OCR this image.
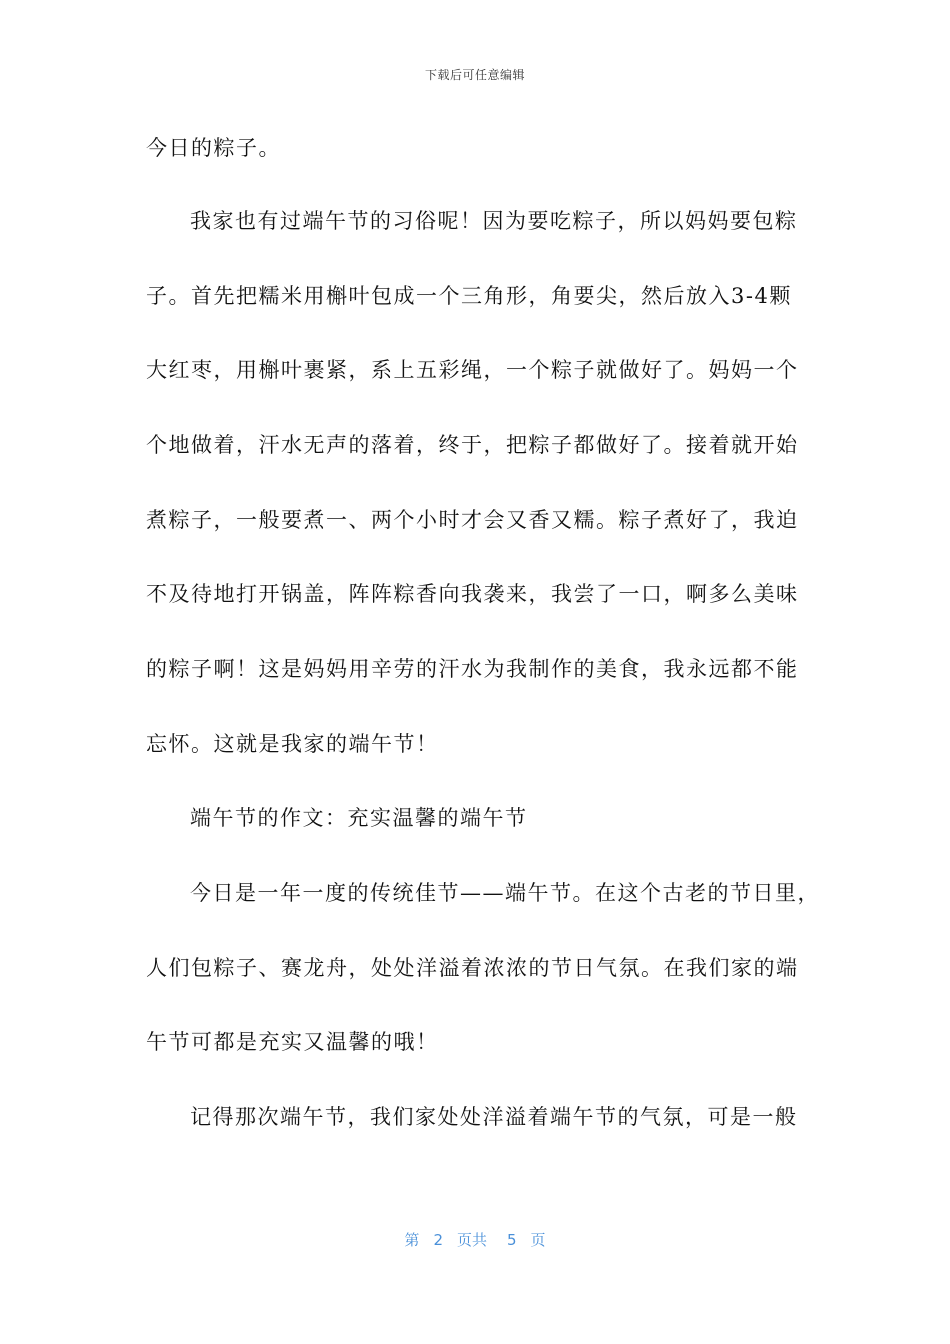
下载后可任意编辑
今日的粽子。
我家也有过端午节的习俗呢！因为要吃粽子，所以妈妈要包粽
子。首先把糯米用槲叶包成一个三角形，角要尖，然后放入3-4颗
大红枣，用槲叶裹紧，系上五彩绳，一个粽子就做好了。妈妈一个
个地做着，汗水无声的落着，终于，把粽子都做好了。接着就开始
煮粽子，一般要煮一、两个小时才会又香又糯。粽子煮好了，我迫
不及待地打开锅盖，阵阵粽香向我袭来，我尝了一口，啊多么美味
的粽子啊！这是妈妈用辛劳的汗水为我制作的美食，我永远都不能
忘怀。这就是我家的端午节！
端午节的作文：充实温馨的端午节
今日是一年一度的传统佳节——端午节。在这个古老的节日里，
人们包粽子、赛龙舟，处处洋溢着浓浓的节日气氛。在我们家的端
午节可都是充实又温馨的哦！
记得那次端午节，我们家处处洋溢着端午节的气氛，可是一般
第 2 页共 5 页
